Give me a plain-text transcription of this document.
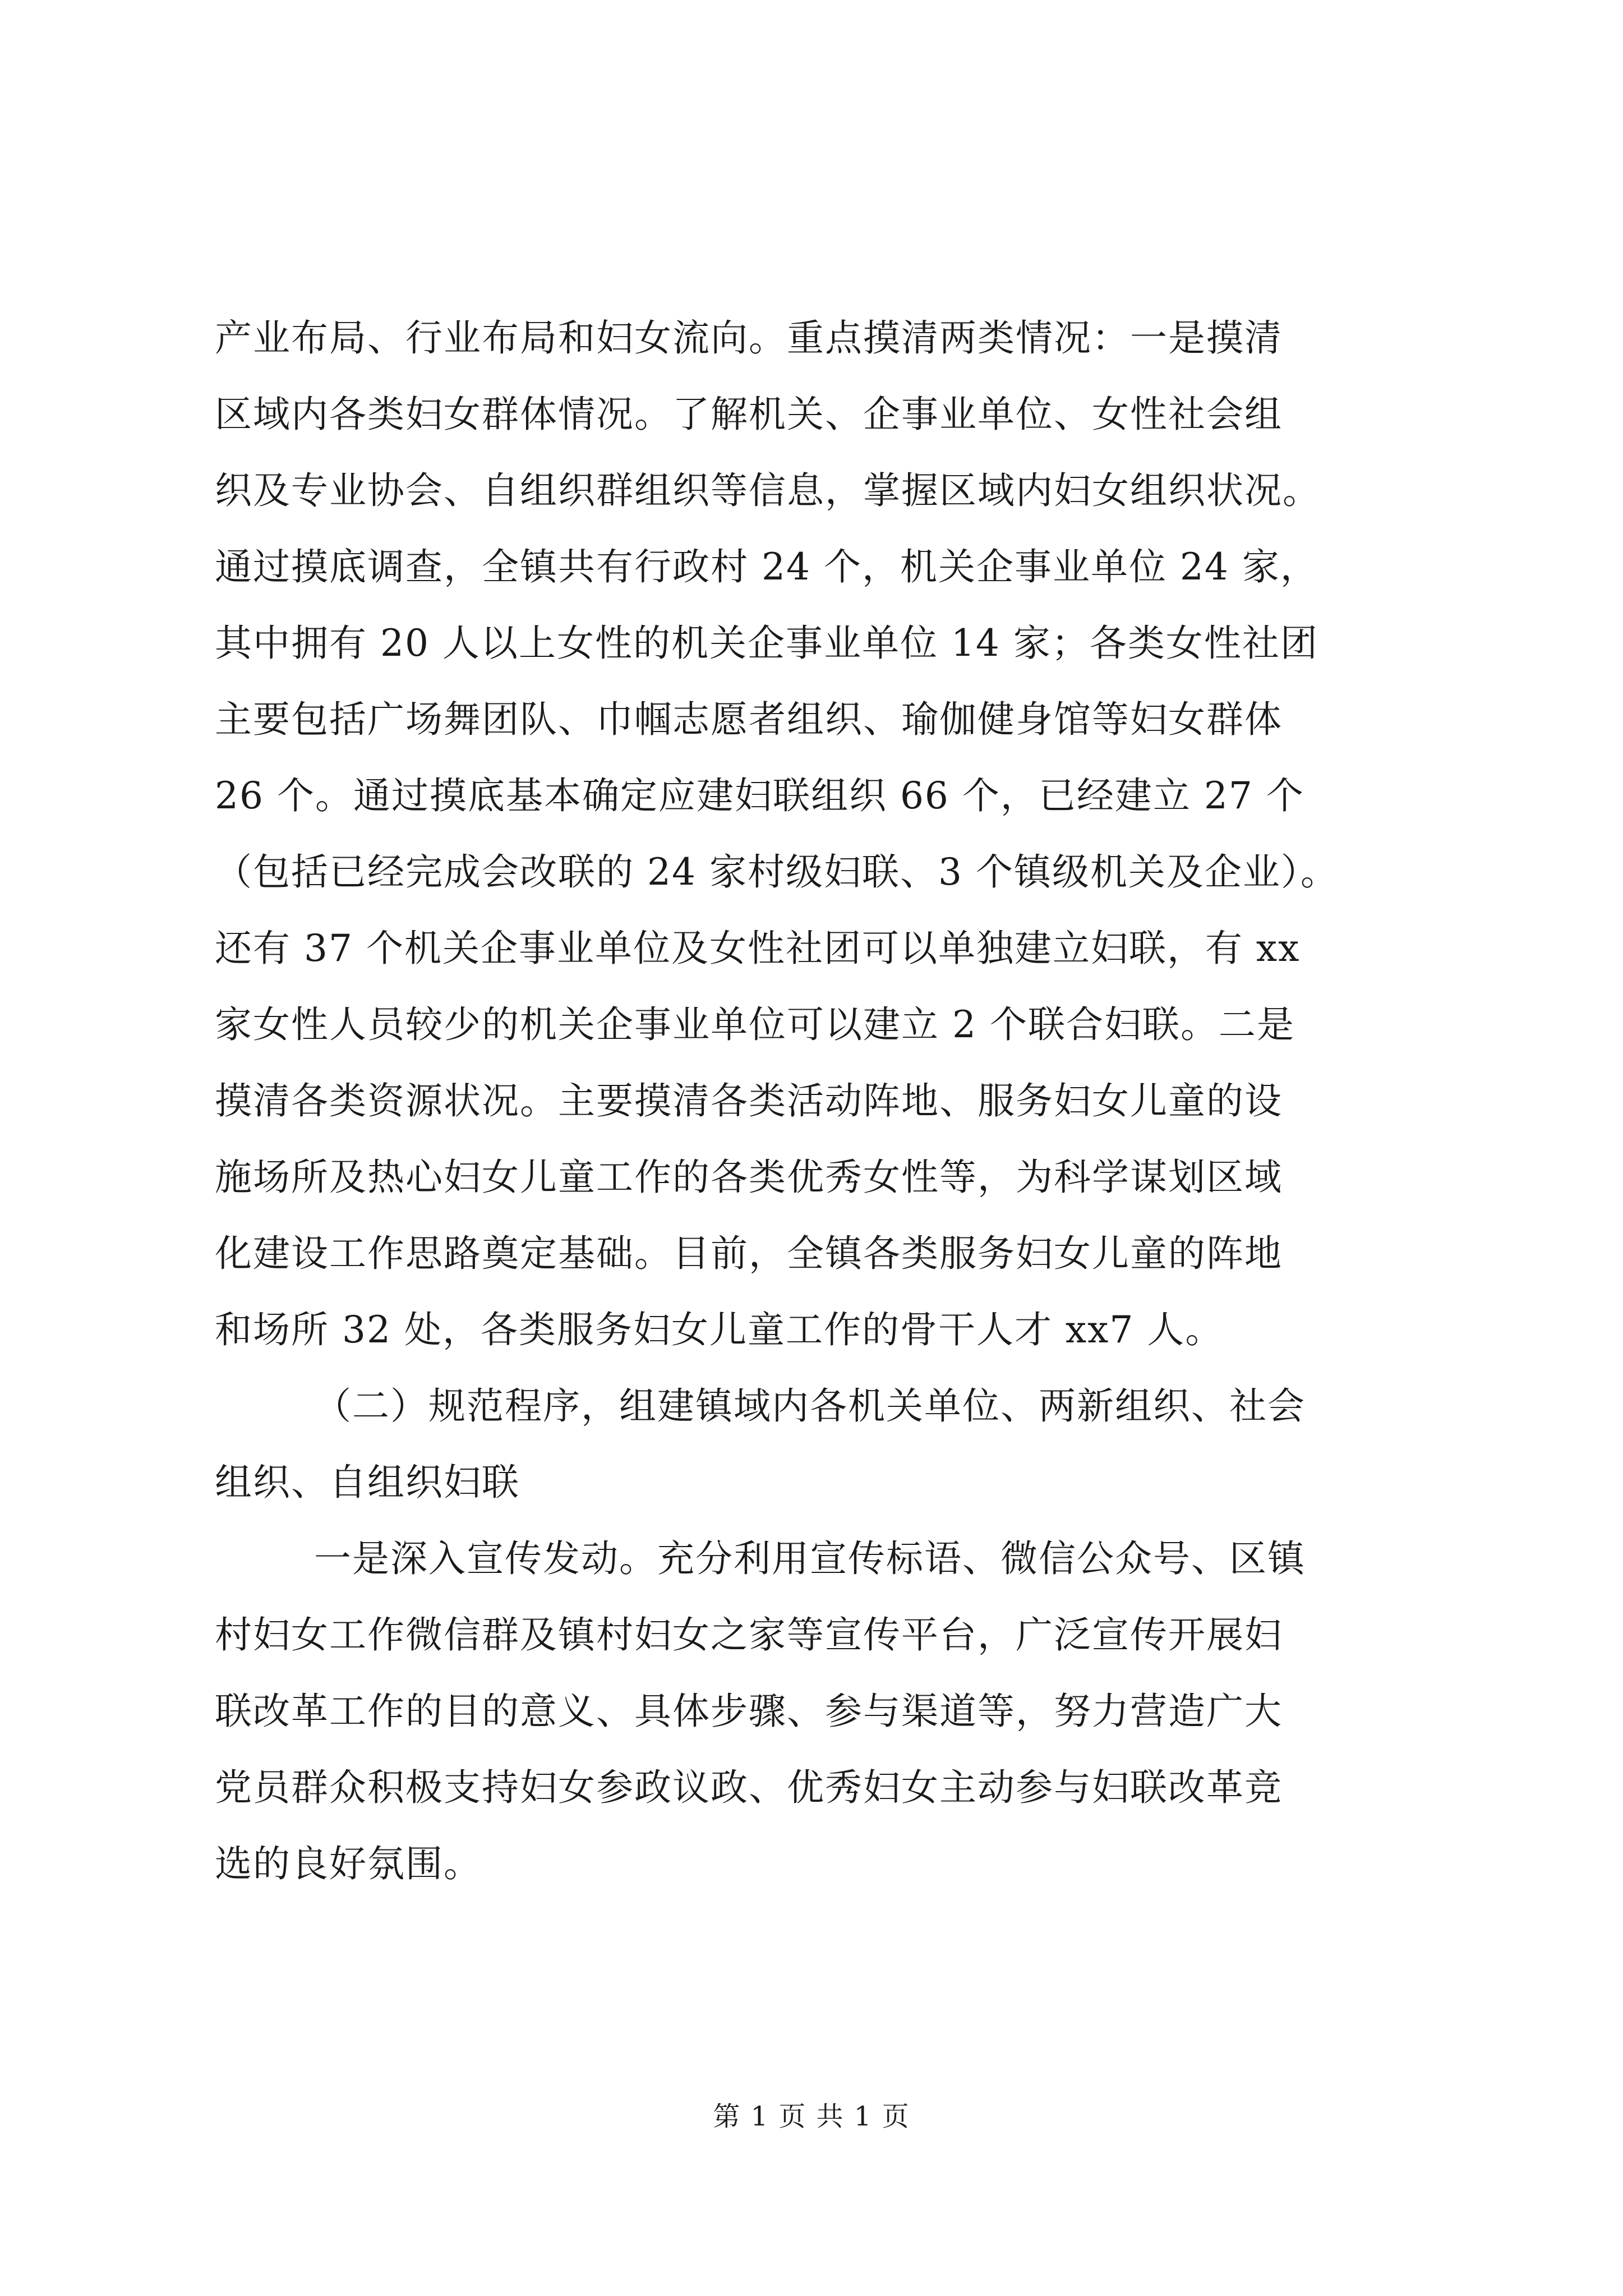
产业布局、行业布局和妇女流向。重点摸清两类情况：一是摸清
区域内各类妇女群体情况。了解机关、企事业单位、女性社会组
织及专业协会、自组织群组织等信息，掌握区域内妇女组织状况。
通过摸底调查，全镇共有行政村 24 个，机关企事业单位 24 家，
其中拥有 20 人以上女性的机关企事业单位 14 家；各类女性社团
主要包括广场舞团队、巾帼志愿者组织、瑜伽健身馆等妇女群体
26 个。通过摸底基本确定应建妇联组织 66 个，已经建立 27 个
（包括已经完成会改联的 24 家村级妇联、3 个镇级机关及企业）。
还有 37 个机关企事业单位及女性社团可以单独建立妇联，有 xx
家女性人员较少的机关企事业单位可以建立 2 个联合妇联。二是
摸清各类资源状况。主要摸清各类活动阵地、服务妇女儿童的设
施场所及热心妇女儿童工作的各类优秀女性等，为科学谋划区域
化建设工作思路奠定基础。目前，全镇各类服务妇女儿童的阵地
和场所 32 处，各类服务妇女儿童工作的骨干人才 xx7 人。
（二）规范程序，组建镇域内各机关单位、两新组织、社会
组织、自组织妇联
一是深入宣传发动。充分利用宣传标语、微信公众号、区镇
村妇女工作微信群及镇村妇女之家等宣传平台，广泛宣传开展妇
联改革工作的目的意义、具体步骤、参与渠道等，努力营造广大
党员群众积极支持妇女参政议政、优秀妇女主动参与妇联改革竞
选的良好氛围。
第 1 页 共 1 页
